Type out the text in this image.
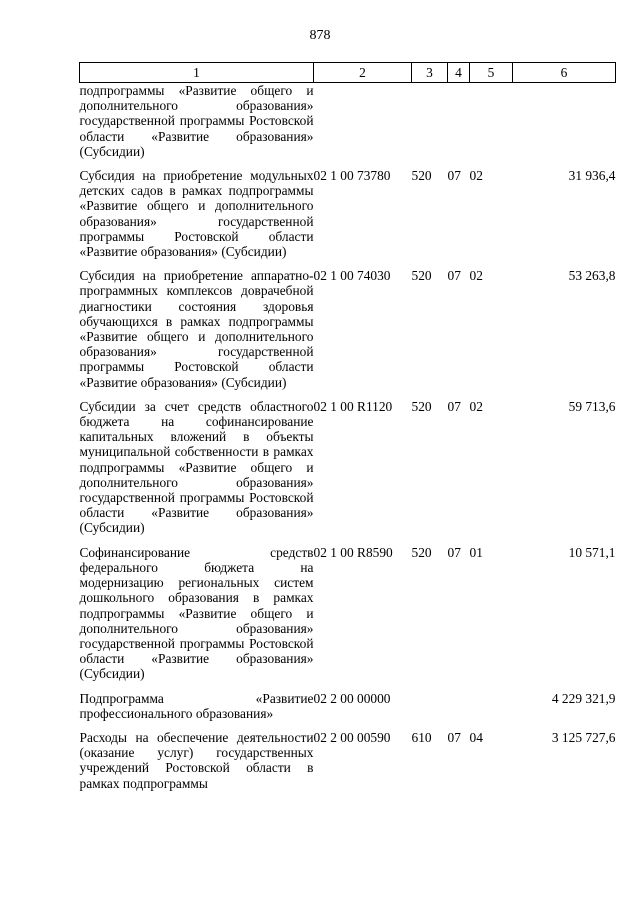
878
1	2	3	4	5	6

подпрограммы «Развитие общего и дополнительного образования» государственной программы Ростовской области «Развитие образования» (Субсидии)					

Субсидия на приобретение модульных детских садов в рамках подпрограммы «Развитие общего и дополнительного образования» государственной программы Ростовской области «Развитие образования» (Субсидии)	02 1 00 73780	520	07	02	31 936,4

Субсидия на приобретение аппаратно-программных комплексов доврачебной диагностики состояния здоровья обучающихся в рамках подпрограммы «Развитие общего и дополнительного образования» государственной программы Ростовской области «Развитие образования» (Субсидии)	02 1 00 74030	520	07	02	53 263,8

Субсидии за счет средств областного бюджета на софинансирование капитальных вложений в объекты муниципальной собственности в рамках подпрограммы «Развитие общего и дополнительного образования» государственной программы Ростовской области «Развитие образования» (Субсидии)	02 1 00 R1120	520	07	02	59 713,6

Софинансирование средств федерального бюджета на модернизацию региональных систем дошкольного образования в рамках подпрограммы «Развитие общего и дополнительного образования» государственной программы Ростовской области «Развитие образования» (Субсидии)	02 1 00 R8590	520	07	01	10 571,1

Подпрограмма «Развитие профессионального образования»	02 2 00 00000				4 229 321,9

Расходы на обеспечение деятельности (оказание услуг) государственных учреждений Ростовской области в рамках подпрограммы	02 2 00 00590	610	07	04	3 125 727,6
